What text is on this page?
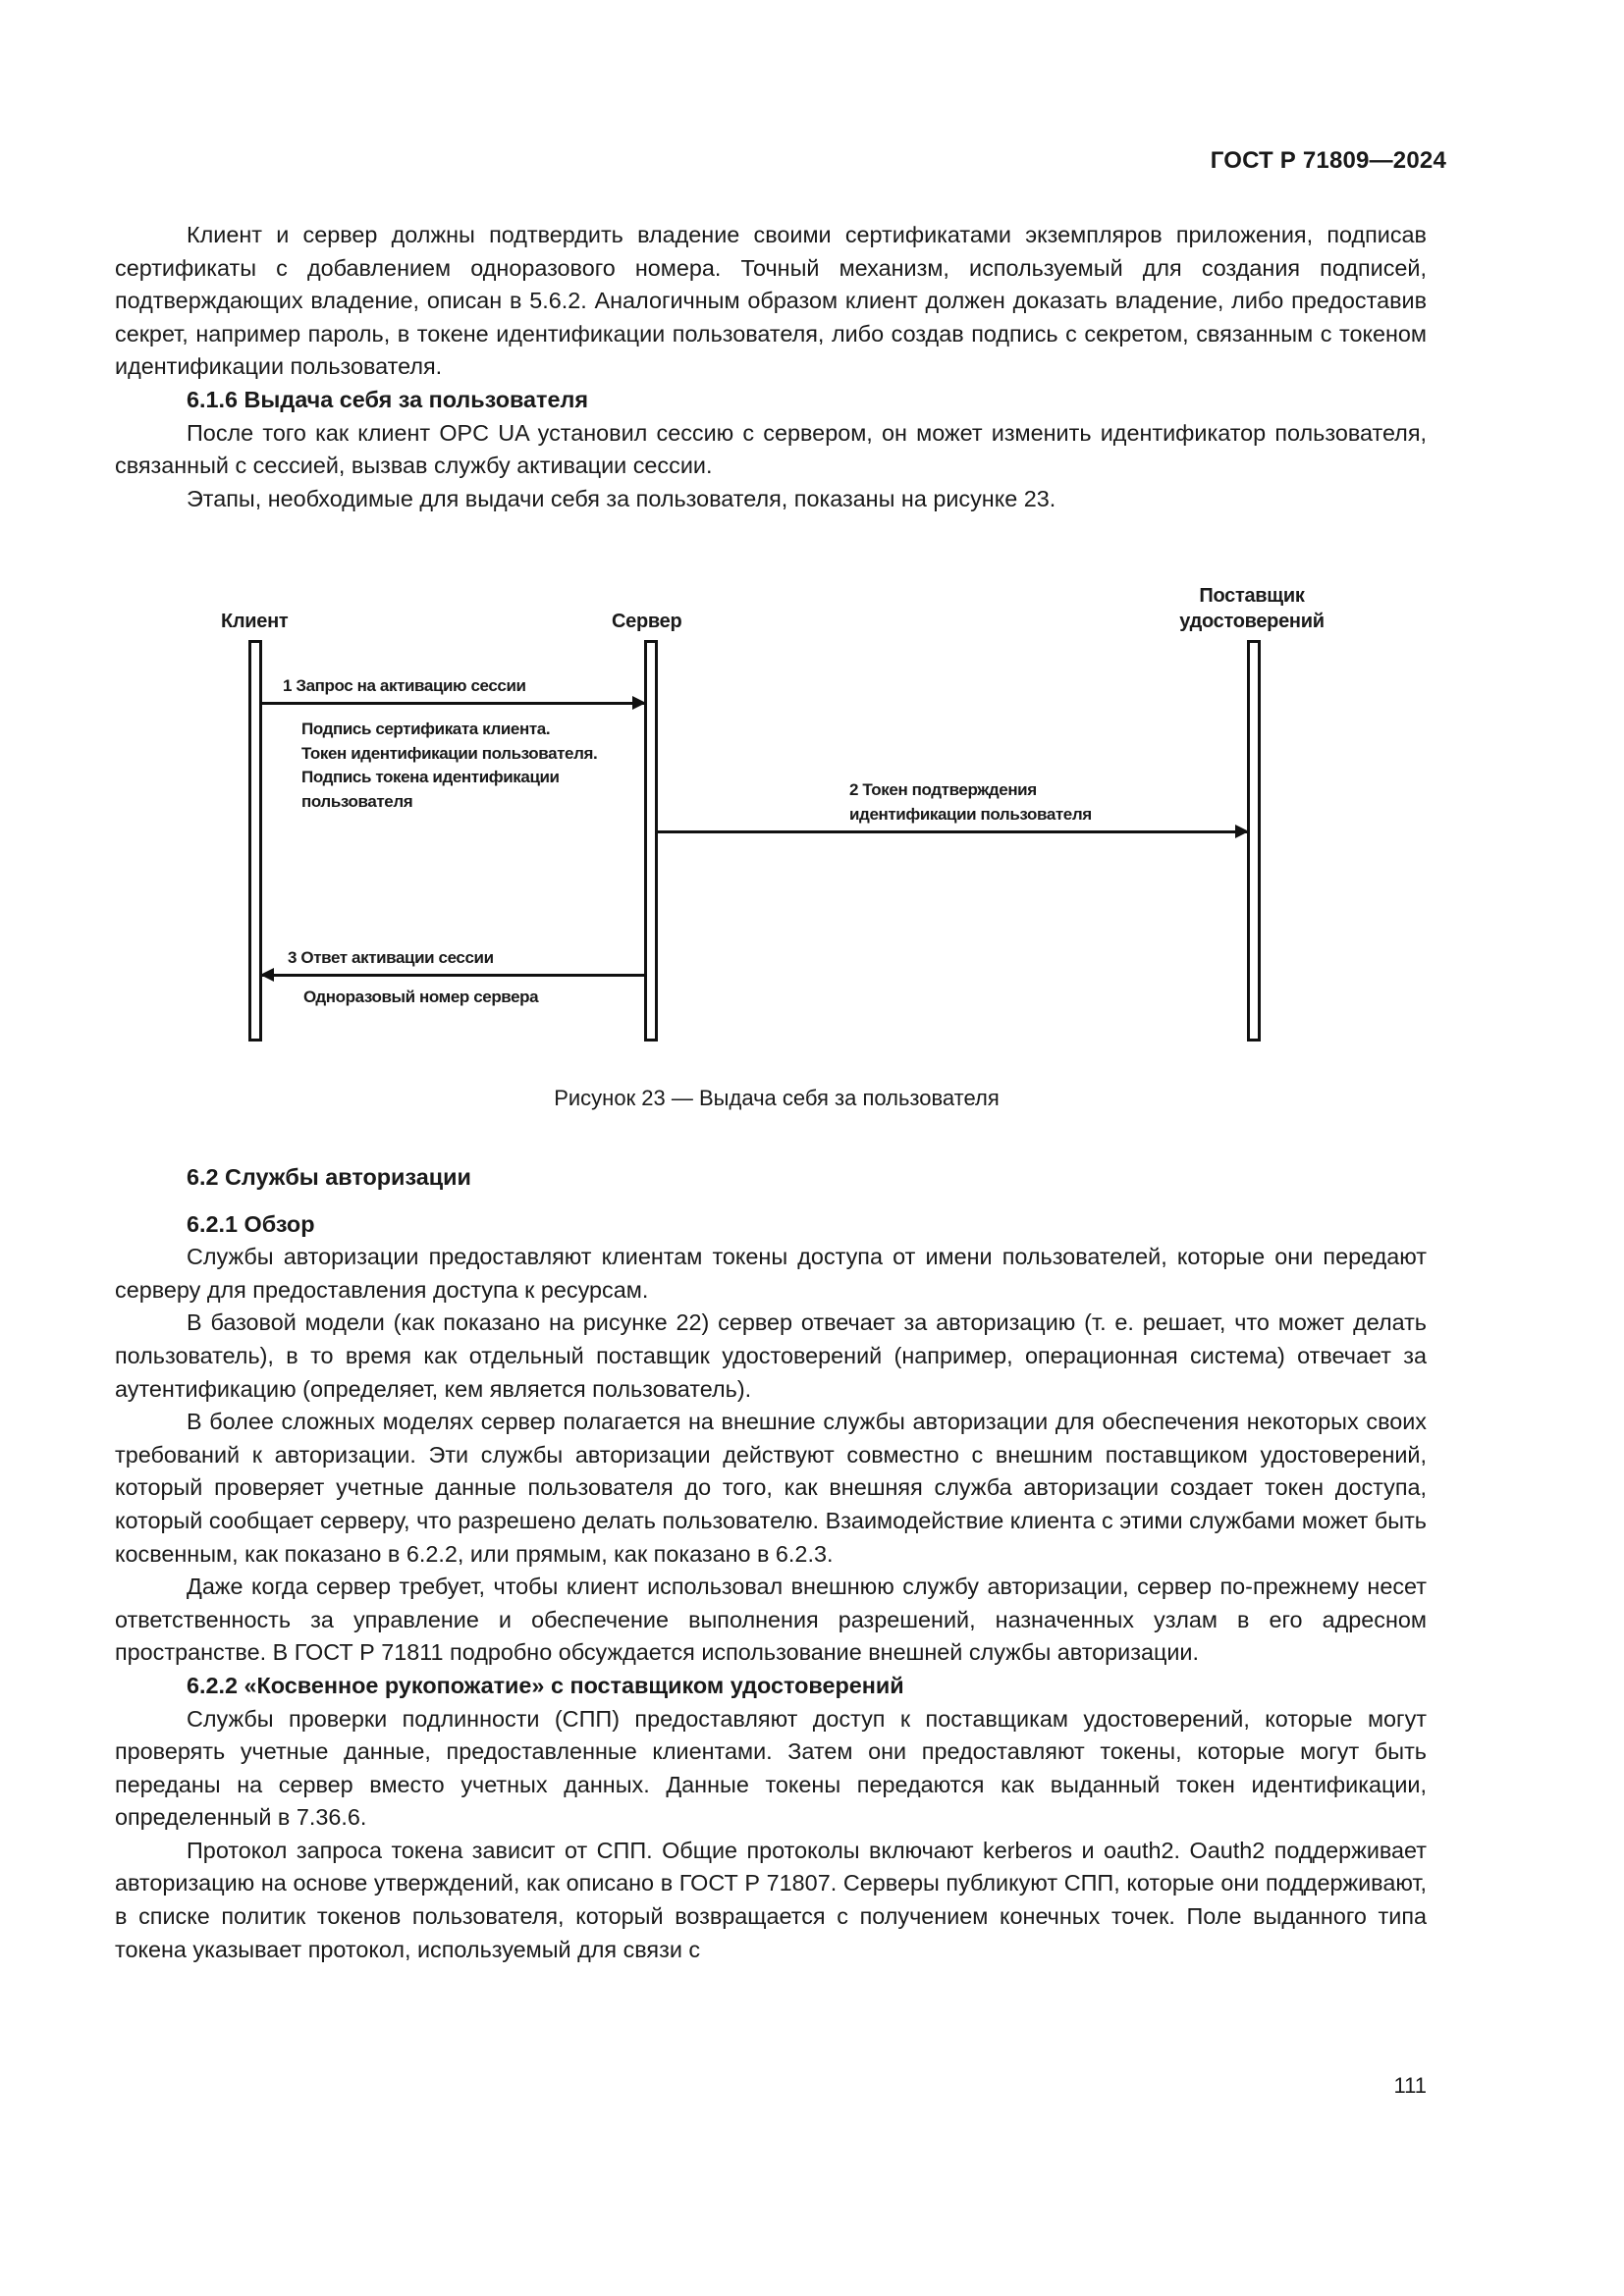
ГОСТ Р 71809—2024

Клиент и сервер должны подтвердить владение своими сертификатами экземпляров приложения, подписав сертификаты с добавлением одноразового номера. Точный механизм, используемый для создания подписей, подтверждающих владение, описан в 5.6.2. Аналогичным образом клиент должен доказать владение, либо предоставив секрет, например пароль, в токене идентификации пользователя, либо создав подпись с секретом, связанным с токеном идентификации пользователя.

6.1.6 Выдача себя за пользователя

После того как клиент OPC UA установил сессию с сервером, он может изменить идентификатор пользователя, связанный с сессией, вызвав службу активации сессии.

Этапы, необходимые для выдачи себя за пользователя, показаны на рисунке 23.

Клиент	Сервер
Поставщик
удостоверений
1 Запрос на активацию сессии
Подпись сертификата клиента.
Токен идентификации пользователя.
Подпись токена идентификации
пользователя
2 Токен подтверждения
идентификации пользователя
3 Ответ активации сессии
Одноразовый номер сервера
Рисунок 23 — Выдача себя за пользователя

6.2 Службы авторизации

6.2.1 Обзор

Службы авторизации предоставляют клиентам токены доступа от имени пользователей, которые они передают серверу для предоставления доступа к ресурсам.

В базовой модели (как показано на рисунке 22) сервер отвечает за авторизацию (т. е. решает, что может делать пользователь), в то время как отдельный поставщик удостоверений (например, операционная система) отвечает за аутентификацию (определяет, кем является пользователь).

В более сложных моделях сервер полагается на внешние службы авторизации для обеспечения некоторых своих требований к авторизации. Эти службы авторизации действуют совместно с внешним поставщиком удостоверений, который проверяет учетные данные пользователя до того, как внешняя служба авторизации создает токен доступа, который сообщает серверу, что разрешено делать пользователю. Взаимодействие клиента с этими службами может быть косвенным, как показано в 6.2.2, или прямым, как показано в 6.2.3.

Даже когда сервер требует, чтобы клиент использовал внешнюю службу авторизации, сервер по-прежнему несет ответственность за управление и обеспечение выполнения разрешений, назначенных узлам в его адресном пространстве. В ГОСТ Р 71811 подробно обсуждается использование внешней службы авторизации.

6.2.2 «Косвенное рукопожатие» с поставщиком удостоверений

Службы проверки подлинности (СПП) предоставляют доступ к поставщикам удостоверений, которые могут проверять учетные данные, предоставленные клиентами. Затем они предоставляют токены, которые могут быть переданы на сервер вместо учетных данных. Данные токены передаются как выданный токен идентификации, определенный в 7.36.6.

Протокол запроса токена зависит от СПП. Общие протоколы включают kerberos и oauth2. Oauth2 поддерживает авторизацию на основе утверждений, как описано в ГОСТ Р 71807. Серверы публикуют СПП, которые они поддерживают, в списке политик токенов пользователя, который возвращается с получением конечных точек. Поле выданного типа токена указывает протокол, используемый для связи с

111
